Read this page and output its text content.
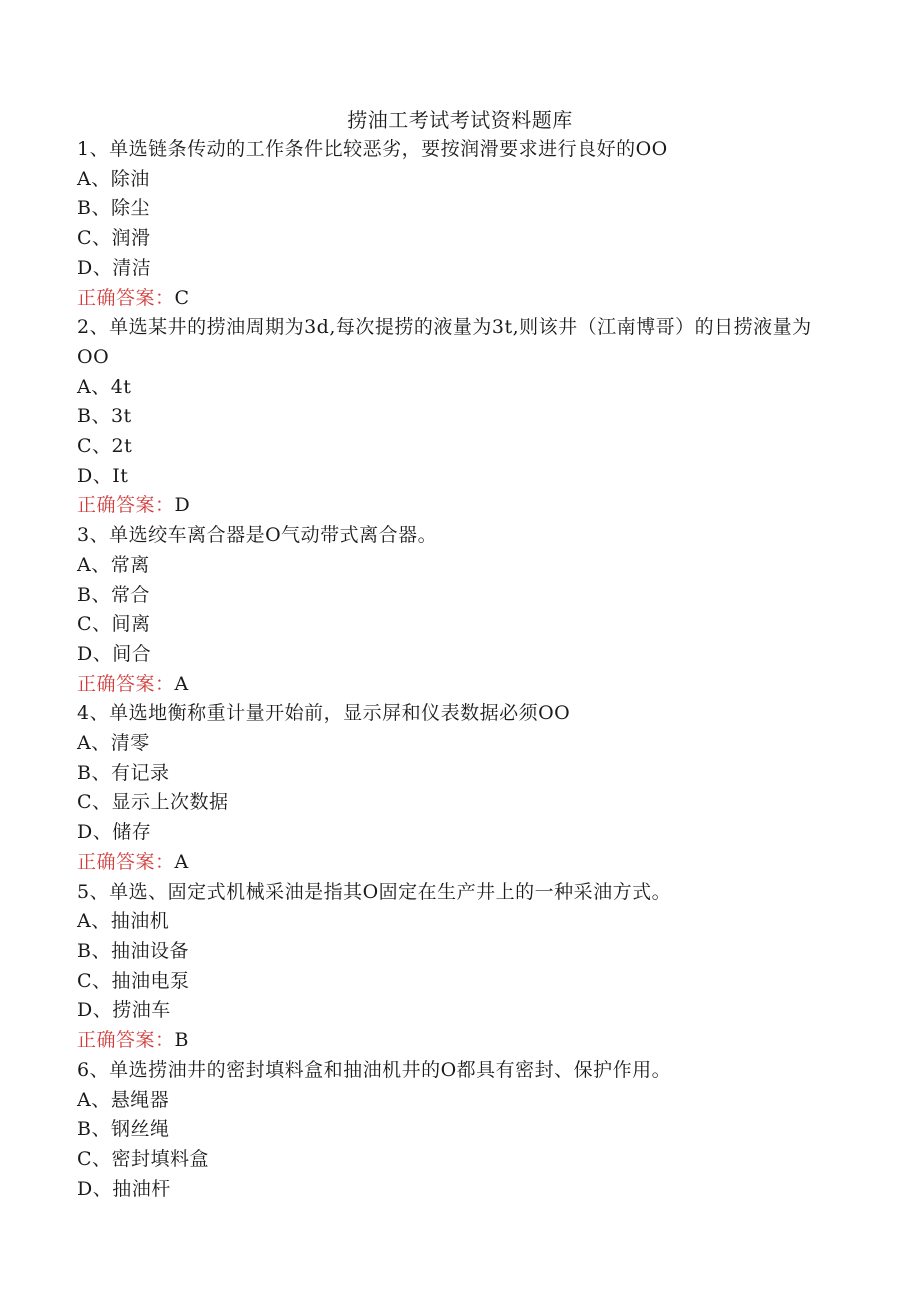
捞油工考试考试资料题库
1、单选链条传动的工作条件比较恶劣，要按润滑要求进行良好的OO
A、除油
B、除尘
C、润滑
D、清洁
正确答案：C
2、单选某井的捞油周期为3d,每次提捞的液量为3t,则该井（江南博哥）的日捞液量为OO
A、4t
B、3t
C、2t
D、It
正确答案：D
3、单选绞车离合器是O气动带式离合器。
A、常离
B、常合
C、间离
D、间合
正确答案：A
4、单选地衡称重计量开始前，显示屏和仪表数据必须OO
A、清零
B、有记录
C、显示上次数据
D、储存
正确答案：A
5、单选、固定式机械采油是指其O固定在生产井上的一种采油方式。
A、抽油机
B、抽油设备
C、抽油电泵
D、捞油车
正确答案：B
6、单选捞油井的密封填料盒和抽油机井的O都具有密封、保护作用。
A、悬绳器
B、钢丝绳
C、密封填料盒
D、抽油杆
